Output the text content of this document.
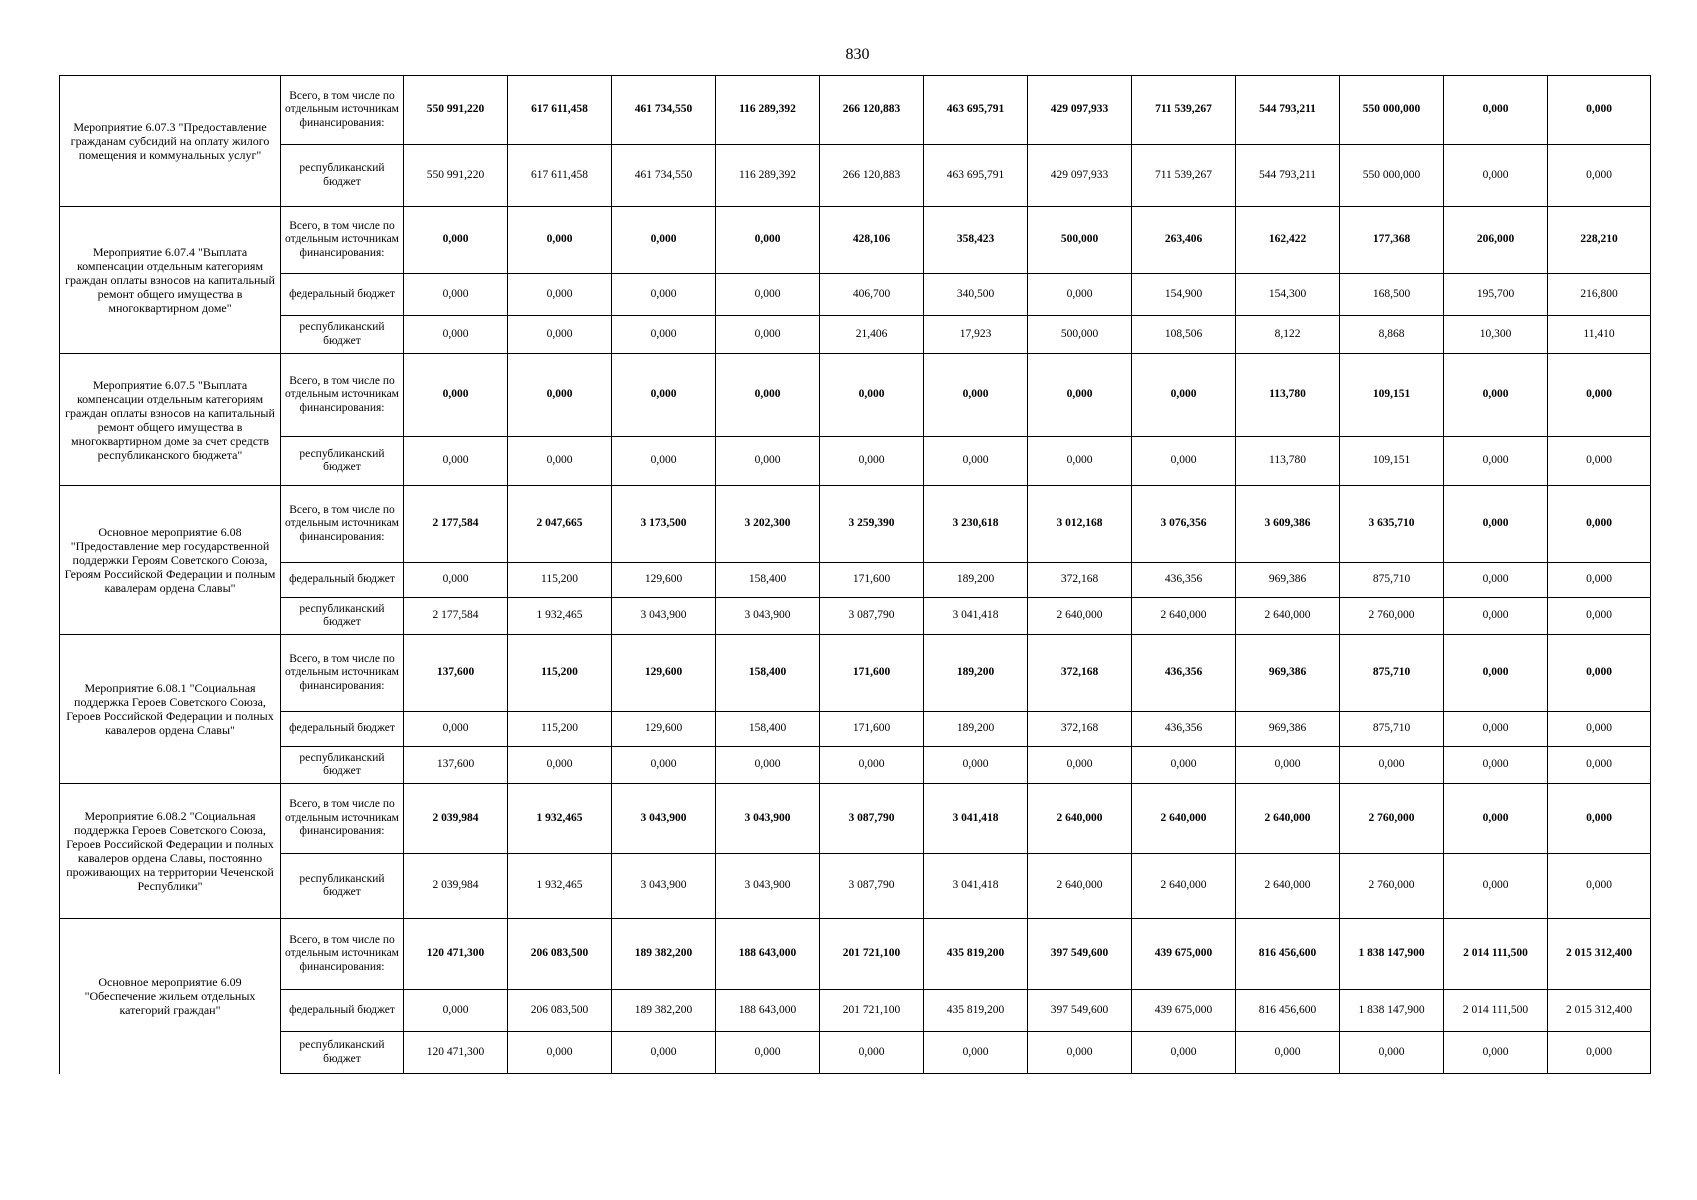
830
Мероприятие 6.07.3 "Предоставление гражданам субсидий на оплату жилого помещения и коммунальных услуг"	Всего, в том числе по отдельным источникам финансирования:	550 991,220	617 611,458	461 734,550	116 289,392	266 120,883	463 695,791	429 097,933	711 539,267	544 793,211	550 000,000	0,000	0,000
	республиканский бюджет	550 991,220	617 611,458	461 734,550	116 289,392	266 120,883	463 695,791	429 097,933	711 539,267	544 793,211	550 000,000	0,000	0,000
Мероприятие 6.07.4 "Выплата компенсации отдельным категориям граждан оплаты взносов на капитальный ремонт общего имущества в многоквартирном доме"	Всего, в том числе по отдельным источникам финансирования:	0,000	0,000	0,000	0,000	428,106	358,423	500,000	263,406	162,422	177,368	206,000	228,210
	федеральный бюджет	0,000	0,000	0,000	0,000	406,700	340,500	0,000	154,900	154,300	168,500	195,700	216,800
	республиканский бюджет	0,000	0,000	0,000	0,000	21,406	17,923	500,000	108,506	8,122	8,868	10,300	11,410
Мероприятие 6.07.5 "Выплата компенсации отдельным категориям граждан оплаты взносов на капитальный ремонт общего имущества в многоквартирном доме за счет средств республиканского бюджета"	Всего, в том числе по отдельным источникам финансирования:	0,000	0,000	0,000	0,000	0,000	0,000	0,000	0,000	113,780	109,151	0,000	0,000
	республиканский бюджет	0,000	0,000	0,000	0,000	0,000	0,000	0,000	0,000	113,780	109,151	0,000	0,000
Основное мероприятие 6.08 "Предоставление мер государственной поддержки Героям Советского Союза, Героям Российской Федерации и полным кавалерам ордена Славы"	Всего, в том числе по отдельным источникам финансирования:	2 177,584	2 047,665	3 173,500	3 202,300	3 259,390	3 230,618	3 012,168	3 076,356	3 609,386	3 635,710	0,000	0,000
	федеральный бюджет	0,000	115,200	129,600	158,400	171,600	189,200	372,168	436,356	969,386	875,710	0,000	0,000
	республиканский бюджет	2 177,584	1 932,465	3 043,900	3 043,900	3 087,790	3 041,418	2 640,000	2 640,000	2 640,000	2 760,000	0,000	0,000
Мероприятие 6.08.1 "Социальная поддержка Героев Советского Союза, Героев Российской Федерации и полных кавалеров ордена Славы"	Всего, в том числе по отдельным источникам финансирования:	137,600	115,200	129,600	158,400	171,600	189,200	372,168	436,356	969,386	875,710	0,000	0,000
	федеральный бюджет	0,000	115,200	129,600	158,400	171,600	189,200	372,168	436,356	969,386	875,710	0,000	0,000
	республиканский бюджет	137,600	0,000	0,000	0,000	0,000	0,000	0,000	0,000	0,000	0,000	0,000	0,000
Мероприятие 6.08.2 "Социальная поддержка Героев Советского Союза, Героев Российской Федерации и полных кавалеров ордена Славы, постоянно проживающих на территории Чеченской Республики"	Всего, в том числе по отдельным источникам финансирования:	2 039,984	1 932,465	3 043,900	3 043,900	3 087,790	3 041,418	2 640,000	2 640,000	2 640,000	2 760,000	0,000	0,000
	республиканский бюджет	2 039,984	1 932,465	3 043,900	3 043,900	3 087,790	3 041,418	2 640,000	2 640,000	2 640,000	2 760,000	0,000	0,000
Основное мероприятие 6.09 "Обеспечение жильем отдельных категорий граждан"	Всего, в том числе по отдельным источникам финансирования:	120 471,300	206 083,500	189 382,200	188 643,000	201 721,100	435 819,200	397 549,600	439 675,000	816 456,600	1 838 147,900	2 014 111,500	2 015 312,400
	федеральный бюджет	0,000	206 083,500	189 382,200	188 643,000	201 721,100	435 819,200	397 549,600	439 675,000	816 456,600	1 838 147,900	2 014 111,500	2 015 312,400
	республиканский бюджет	120 471,300	0,000	0,000	0,000	0,000	0,000	0,000	0,000	0,000	0,000	0,000	0,000
